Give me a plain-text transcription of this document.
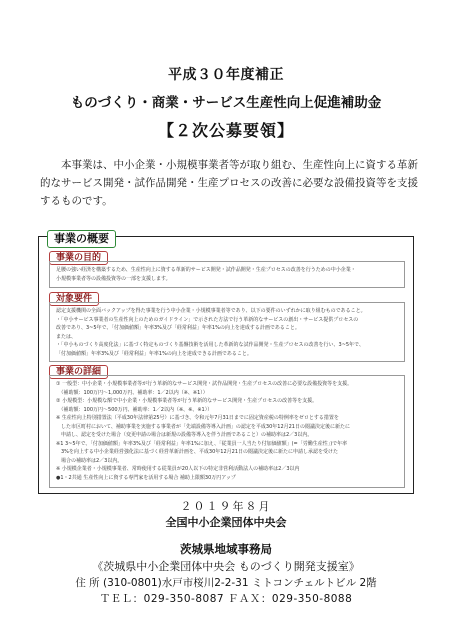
平成３０年度補正
ものづくり・商業・サービス生産性向上促進補助金
【２次公募要領】

本事業は、中小企業・小規模事業者等が取り組む、生産性向上に資する革新的なサービス開発・試作品開発・生産プロセスの改善に必要な設備投資等を支援するものです。

事業の概要
事業の目的

足腰の強い経済を構築するため、生産性向上に資する革新的サービス開発・試作品開発・生産プロセスの改善を行うための中小企業・

小規模事業者等の設備投資等の一部を支援します。

対象要件

認定支援機関の全面バックアップを得た事業を行う中小企業・小規模事業者等であり、以下の要件のいずれかに取り組むものであること。

・「中小サービス事業者の生産性向上のためのガイドライン」で示された方法で行う革新的なサービスの創出・サービス提供プロセスの

改善であり、3~5年で、「付加価値額」年率3%及び「経常利益」年率1%の向上を達成する計画であること。

または、

・「中小ものづくり高度化法」に基づく特定ものづくり基盤技術を活用した革新的な試作品開発・生産プロセスの改善を行い、3~5年で、

「付加価値額」年率3%及び「経常利益」年率1%の向上を達成できる計画であること。

事業の詳細

① 一般型：中小企業・小規模事業者等が行う革新的なサービス開発・試作品開発・生産プロセスの改善に必要な設備投資等を支援。

　（補助額：100万円～1,000万円、補助率：1／2以内（※、※1））

② 小規模型：小規模な額で中小企業・小規模事業者等が行う革新的なサービス開発・生産プロセスの改善等を支援。

　（補助額：100万円～500万円、補助率：1／2以内（※、※、※1））

※ 生産性向上特別措置法（平成30年法律第25号）に基づき、令和元年7月31日までに固定資産税の特例率をゼロとする措置を

　した市区町村において、補助事業を実施する事業者が「先端設備等導入計画」の認定を平成30年12月21日の閲議決定後に新たに

　申請し、認定を受けた場合（変更申請の場合は新規の設備等導入を伴う計画であること）の補助率は2／3以内。

※1 3~5年で、「付加価値額」年率3%及び「経常利益」年率1%に加え、「従業員一人当たり付加価値額」(=「労働生産性」)で年率

　3%を向上する中小企業経営強化法に基づく経営革新計画を、平成30年12月21日の閲議決定後に新たに申請し承認を受けた

　場合の補助率は2／3以内。

※ 小規模企業者・小規模事業者、常時使用する従業員が20人以下の特定非営利活動法人の補助率は2／3以内

●1・2共通 生産性向上に資する専門家を活用する場合 補助上限額30万円アップ

２０１９年８月
全国中小企業団体中央会
茨城県地域事務局
《茨城県中小企業団体中央会 ものづくり開発支援室》
住 所 (310-0801)水戸市桜川2-2-31 ミトコンチェルトビル 2階
ＴＥＬ：029-350-8087 ＦＡＸ：029-350-8088
